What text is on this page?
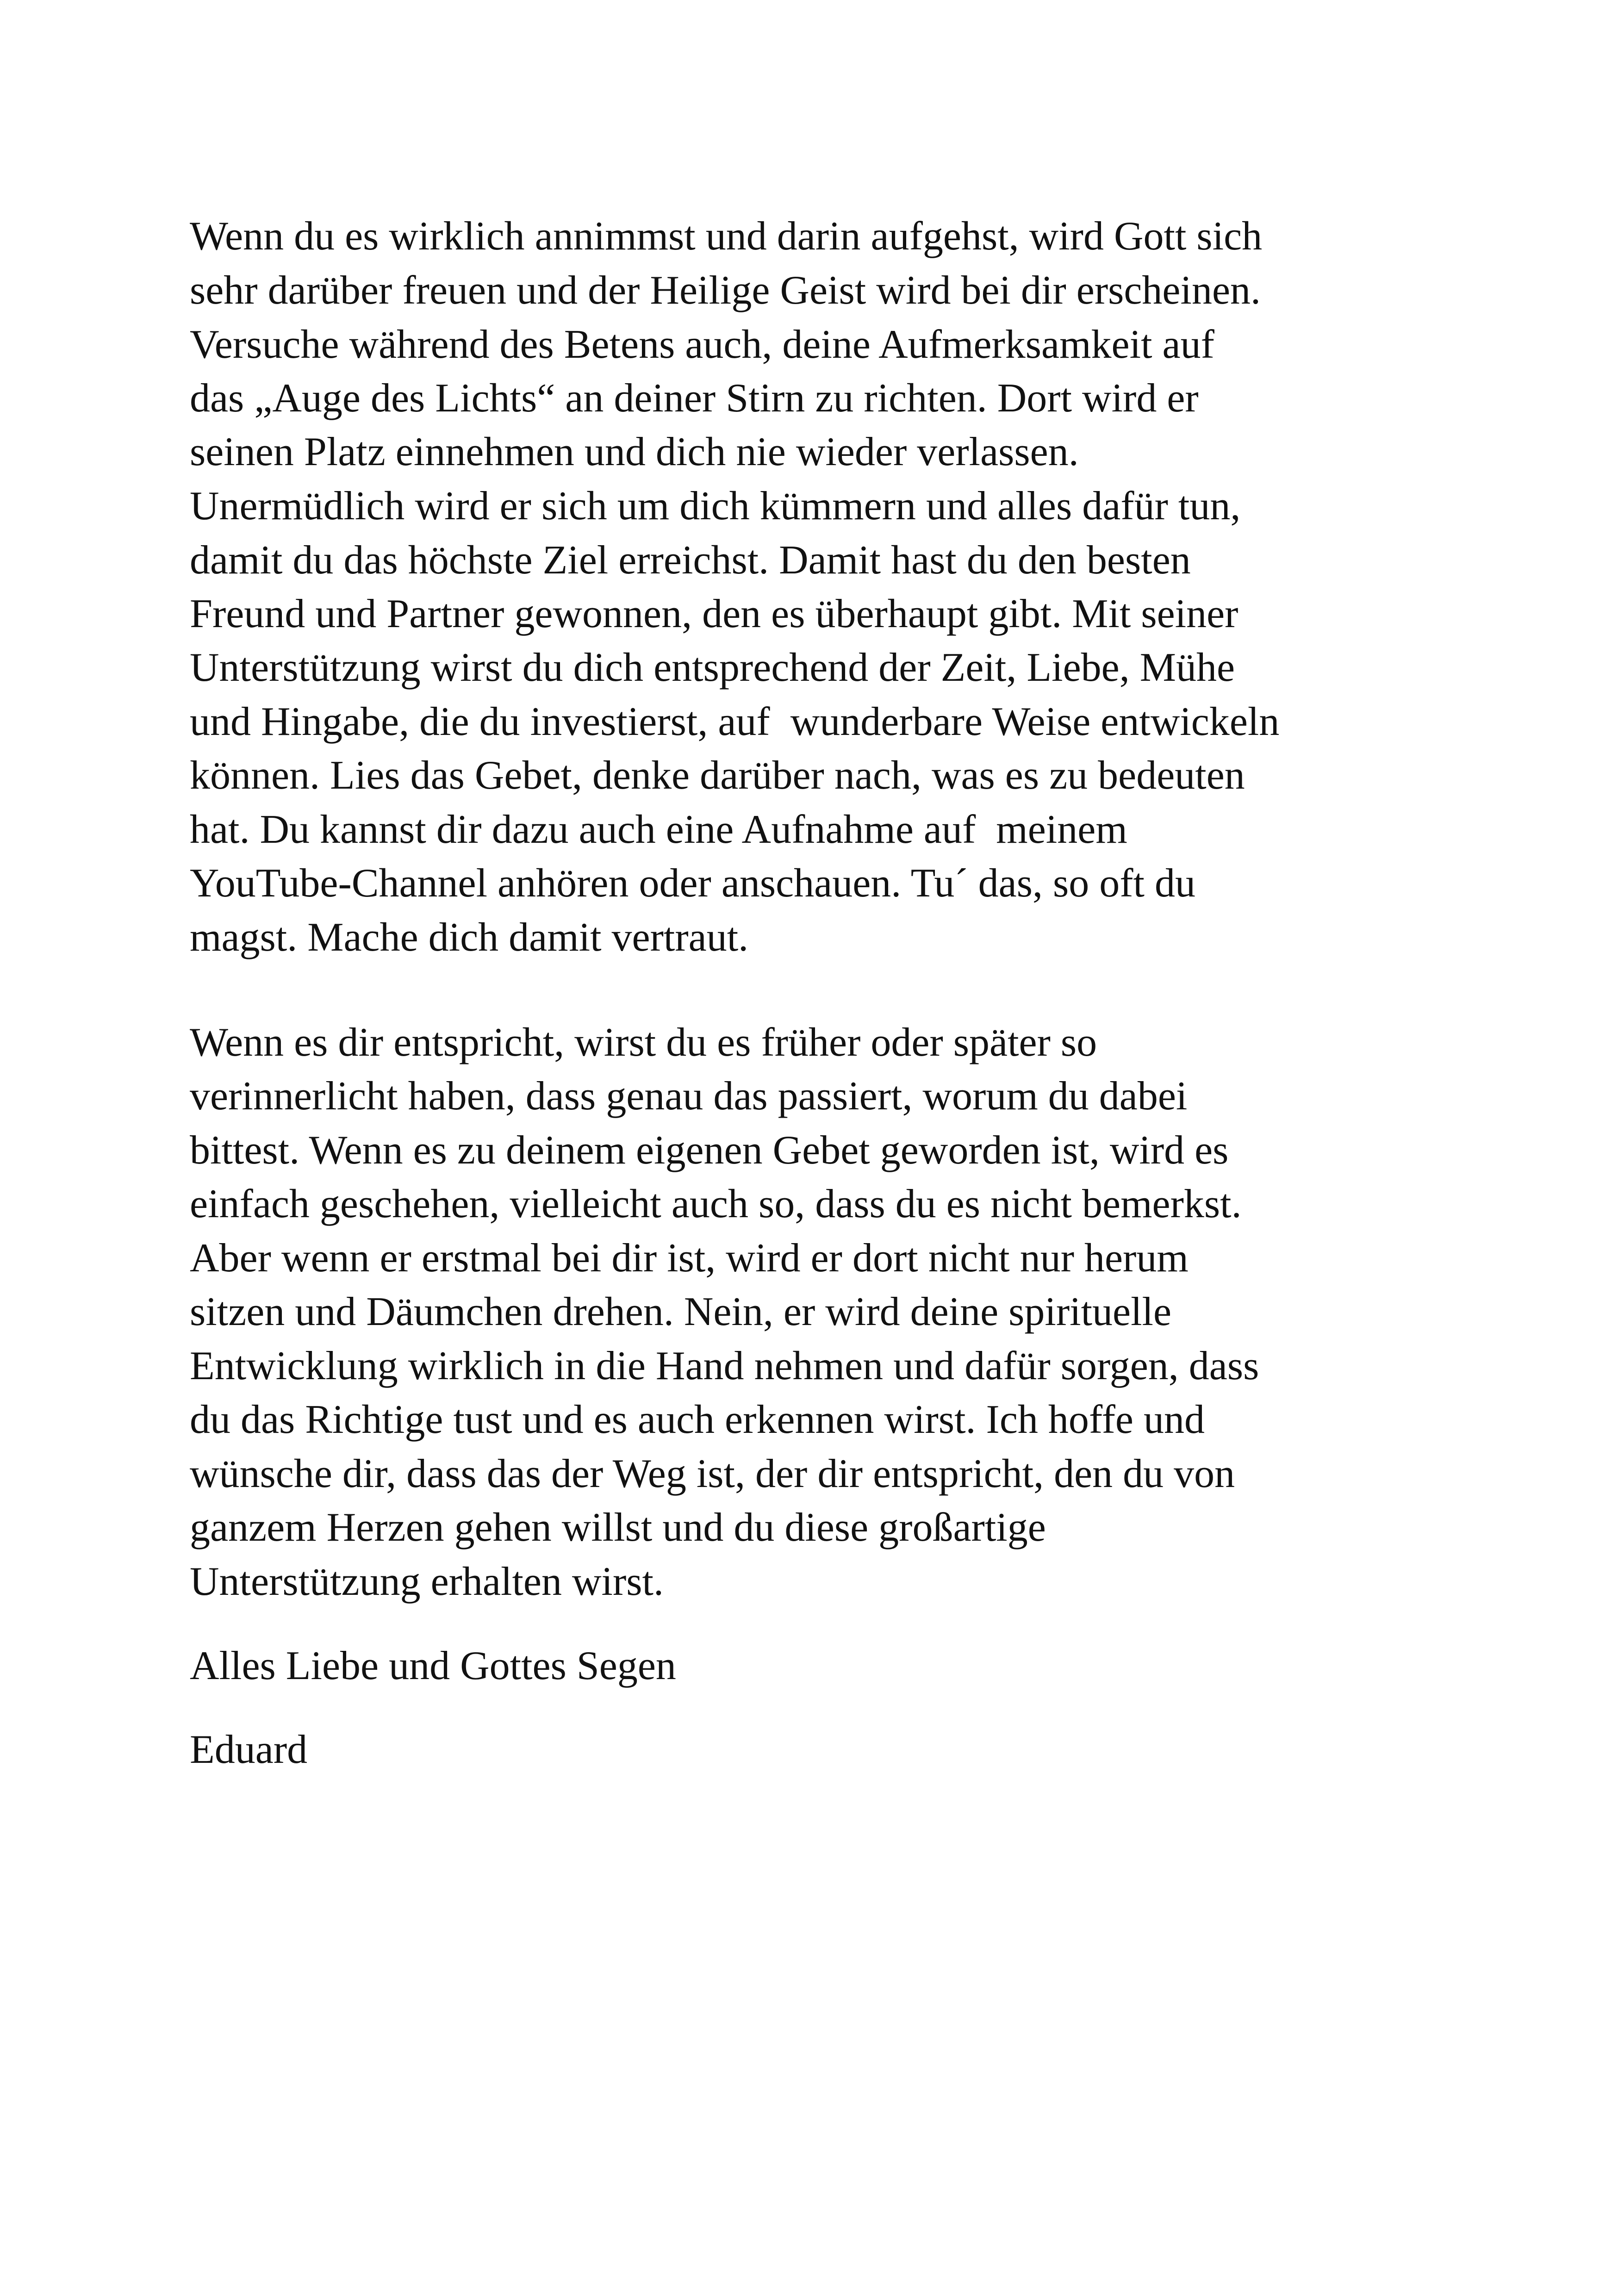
Wenn du es wirklich annimmst und darin aufgehst, wird Gott sich

sehr darüber freuen und der Heilige Geist wird bei dir erscheinen.

Versuche während des Betens auch, deine Aufmerksamkeit auf

das „Auge des Lichts“ an deiner Stirn zu richten. Dort wird er

seinen Platz einnehmen und dich nie wieder verlassen.

Unermüdlich wird er sich um dich kümmern und alles dafür tun,

damit du das höchste Ziel erreichst. Damit hast du den besten

Freund und Partner gewonnen, den es überhaupt gibt. Mit seiner

Unterstützung wirst du dich entsprechend der Zeit, Liebe, Mühe

und Hingabe, die du investierst, auf  wunderbare Weise entwickeln

können. Lies das Gebet, denke darüber nach, was es zu bedeuten

hat. Du kannst dir dazu auch eine Aufnahme auf  meinem

YouTube-Channel anhören oder anschauen. Tu´ das, so oft du

magst. Mache dich damit vertraut.

Wenn es dir entspricht, wirst du es früher oder später so

verinnerlicht haben, dass genau das passiert, worum du dabei

bittest. Wenn es zu deinem eigenen Gebet geworden ist, wird es

einfach geschehen, vielleicht auch so, dass du es nicht bemerkst.

Aber wenn er erstmal bei dir ist, wird er dort nicht nur herum

sitzen und Däumchen drehen. Nein, er wird deine spirituelle

Entwicklung wirklich in die Hand nehmen und dafür sorgen, dass

du das Richtige tust und es auch erkennen wirst. Ich hoffe und

wünsche dir, dass das der Weg ist, der dir entspricht, den du von

ganzem Herzen gehen willst und du diese großartige

Unterstützung erhalten wirst.

Alles Liebe und Gottes Segen

Eduard
